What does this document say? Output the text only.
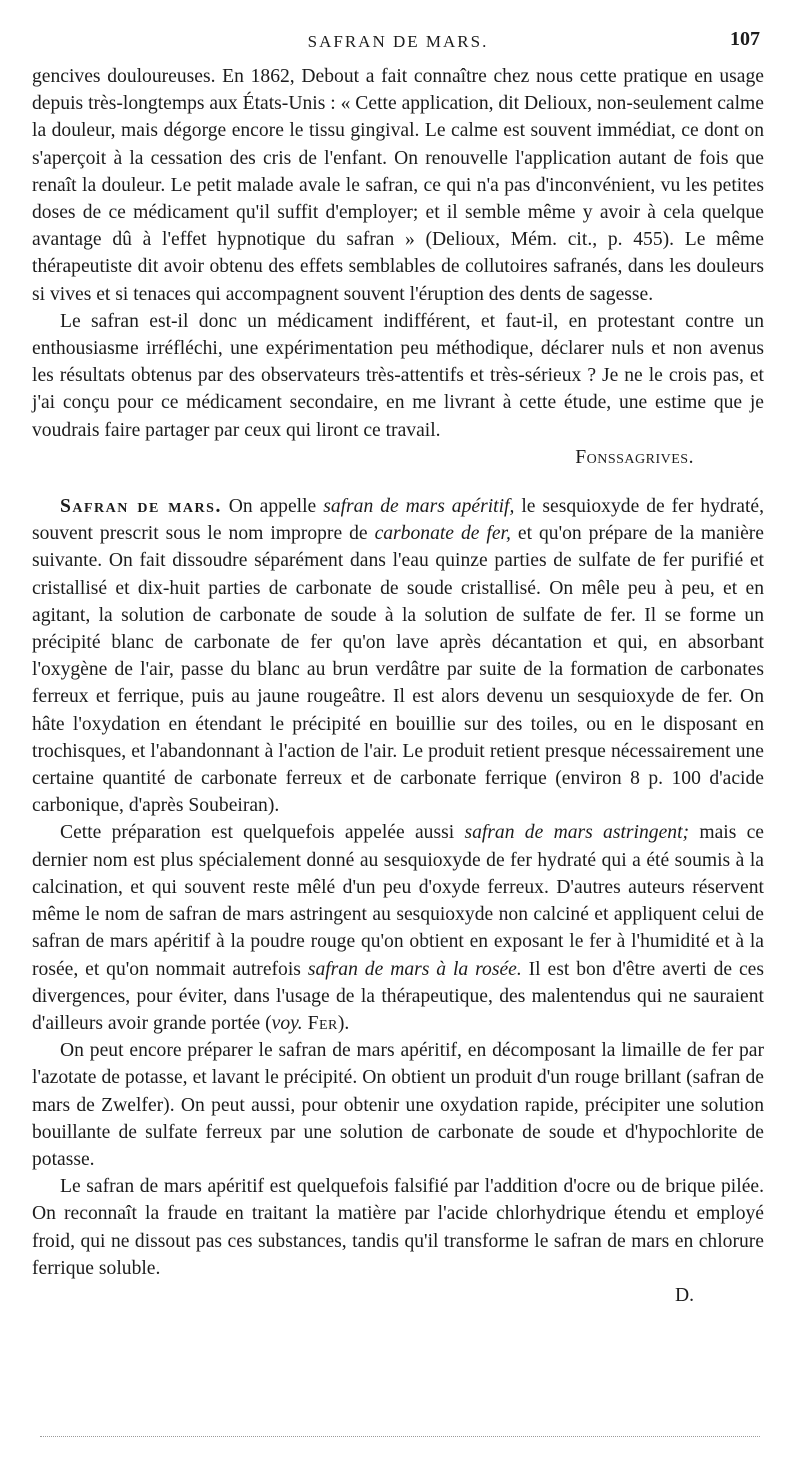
SAFRAN DE MARS.	107

gencives douloureuses. En 1862, Debout a fait connaître chez nous cette pratique en usage depuis très-longtemps aux États-Unis : « Cette application, dit Delioux, non-seulement calme la douleur, mais dégorge encore le tissu gingival. Le calme est souvent immédiat, ce dont on s'aperçoit à la cessation des cris de l'enfant. On renouvelle l'application autant de fois que renaît la douleur. Le petit malade avale le safran, ce qui n'a pas d'inconvénient, vu les petites doses de ce médicament qu'il suffit d'employer; et il semble même y avoir à cela quelque avantage dû à l'effet hypnotique du safran » (Delioux, Mém. cit., p. 455). Le même thérapeutiste dit avoir obtenu des effets semblables de collutoires safranés, dans les douleurs si vives et si tenaces qui accompagnent souvent l'éruption des dents de sagesse.

Le safran est-il donc un médicament indifférent, et faut-il, en protestant contre un enthousiasme irréfléchi, une expérimentation peu méthodique, déclarer nuls et non avenus les résultats obtenus par des observateurs très-attentifs et très-sérieux ? Je ne le crois pas, et j'ai conçu pour ce médicament secondaire, en me livrant à cette étude, une estime que je voudrais faire partager par ceux qui liront ce travail.
Fonssagrives.

Safran de mars. On appelle safran de mars apéritif, le sesquioxyde de fer hydraté, souvent prescrit sous le nom impropre de carbonate de fer, et qu'on prépare de la manière suivante. On fait dissoudre séparément dans l'eau quinze parties de sulfate de fer purifié et cristallisé et dix-huit parties de carbonate de soude cristallisé. On mêle peu à peu, et en agitant, la solution de carbonate de soude à la solution de sulfate de fer. Il se forme un précipité blanc de carbonate de fer qu'on lave après décantation et qui, en absorbant l'oxygène de l'air, passe du blanc au brun verdâtre par suite de la formation de carbonates ferreux et ferrique, puis au jaune rougeâtre. Il est alors devenu un sesquioxyde de fer. On hâte l'oxydation en étendant le précipité en bouillie sur des toiles, ou en le disposant en trochisques, et l'abandonnant à l'action de l'air. Le produit retient presque nécessairement une certaine quantité de carbonate ferreux et de carbonate ferrique (environ 8 p. 100 d'acide carbonique, d'après Soubeiran).

Cette préparation est quelquefois appelée aussi safran de mars astringent; mais ce dernier nom est plus spécialement donné au sesquioxyde de fer hydraté qui a été soumis à la calcination, et qui souvent reste mêlé d'un peu d'oxyde ferreux. D'autres auteurs réservent même le nom de safran de mars astringent au sesquioxyde non calciné et appliquent celui de safran de mars apéritif à la poudre rouge qu'on obtient en exposant le fer à l'humidité et à la rosée, et qu'on nommait autrefois safran de mars à la rosée. Il est bon d'être averti de ces divergences, pour éviter, dans l'usage de la thérapeutique, des malentendus qui ne sauraient d'ailleurs avoir grande portée (voy. Fer).

On peut encore préparer le safran de mars apéritif, en décomposant la limaille de fer par l'azotate de potasse, et lavant le précipité. On obtient un produit d'un rouge brillant (safran de mars de Zwelfer). On peut aussi, pour obtenir une oxydation rapide, précipiter une solution bouillante de sulfate ferreux par une solution de carbonate de soude et d'hypochlorite de potasse.

Le safran de mars apéritif est quelquefois falsifié par l'addition d'ocre ou de brique pilée. On reconnaît la fraude en traitant la matière par l'acide chlorhydrique étendu et employé froid, qui ne dissout pas ces substances, tandis qu'il transforme le safran de mars en chlorure ferrique soluble.
D.
